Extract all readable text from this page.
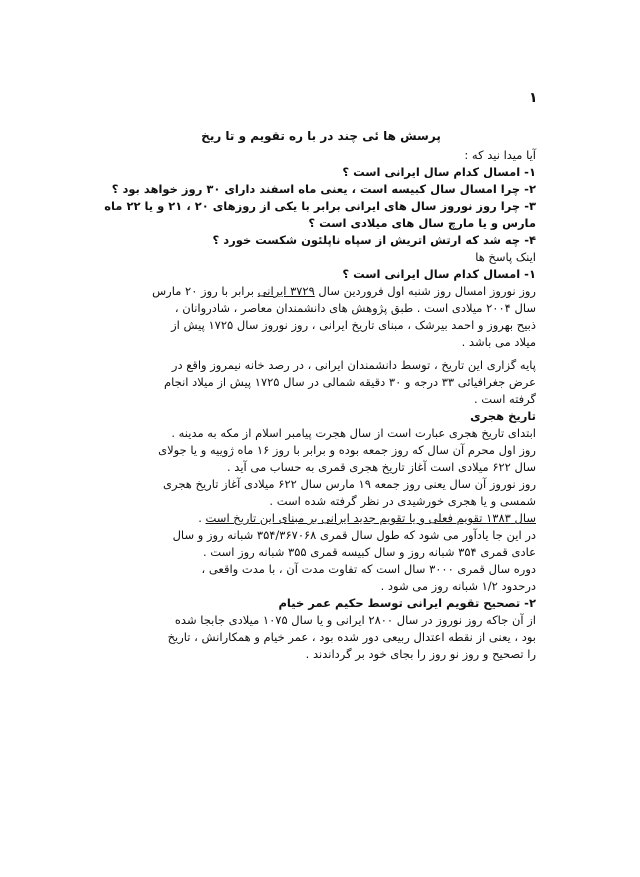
۱
پرسش ها ئی چند در با ره تقویم و تا ریخ
آیا میدا نید که :
۱- امسال کدام سال ایرانی است ؟
۲- چرا امسال سال کبیسه است ، یعنی ماه اسفند دارای ۳۰ روز خواهد بود ؟
۳- چرا روز نوروز سال های ایرانی برابر با یکی از روزهای ۲۰ ، ۲۱ و یا ۲۲ ماه
مارس و یا مارچ سال های میلادی است ؟
۴- چه شد که ارتش اتریش از سپاه ناپلئون شکست خورد ؟
اینک پاسخ ها
۱- امسال کدام سال ایرانی است ؟
روز نوروز امسال روز شنبه اول فروردین سال ۳۷۲۹ ایرانی برابر با روز ۲۰ مارس
سال ۲۰۰۴ میلادی است . طبق پژوهش های دانشمندان معاصر ، شادروانان ،
ذبیح بهروز و احمد بیرشک ، مبنای تاریخ ایرانی ، روز نوروز سال ۱۷۲۵ پیش از
میلاد می باشد .
پایه گزاری این تاریخ ، توسط دانشمندان ایرانی ، در رصد خانه نیمروز واقع در
عرض جغرافیائی ۳۳ درجه و ۳۰ دقیقه شمالی در سال ۱۷۲۵ پیش از میلاد انجام
گرفته است .
تاریخ هجری
ابتدای تاریخ هجری عبارت است از سال هجرت پیامبر اسلام از مکه به مدینه .
روز اول محرم آن سال که روز جمعه بوده و برابر با روز ۱۶ ماه ژوییه و یا جولای
سال ۶۲۲ میلادی است آغاز تاریخ هجری قمری به حساب می آید .
روز نوروز آن سال یعنی روز جمعه ۱۹ مارس سال ۶۲۲ میلادی آغاز تاریخ هجری
شمسی و یا هجری خورشیدی در نظر گرفته شده است .
سال ۱۳۸۳ تقویم فعلی و یا تقویم جدید ایرانی بر مبنای این تاریخ است .
در این جا یادآور می شود که طول سال قمری ۳۵۴/۳۶۷۰۶۸ شبانه روز و سال
عادی قمری ۳۵۴ شبانه روز و سال کبیسه قمری ۳۵۵ شبانه روز است .
دوره سال قمری ۳۰۰۰ سال است که تفاوت مدت آن ، با مدت واقعی ،
درحدود ۱/۲ شبانه روز می شود .
۲- تصحیح تقویم ایرانی توسط حکیم عمر خیام
از آن جاکه روز نوروز در سال ۲۸۰۰ ایرانی و یا سال ۱۰۷۵ میلادی جابجا شده
بود ، یعنی از نقطه اعتدال ربیعی دور شده بود ، عمر خیام و همکارانش ، تاریخ
را تصحیح و روز نو روز را بجای خود بر گرداندند .
